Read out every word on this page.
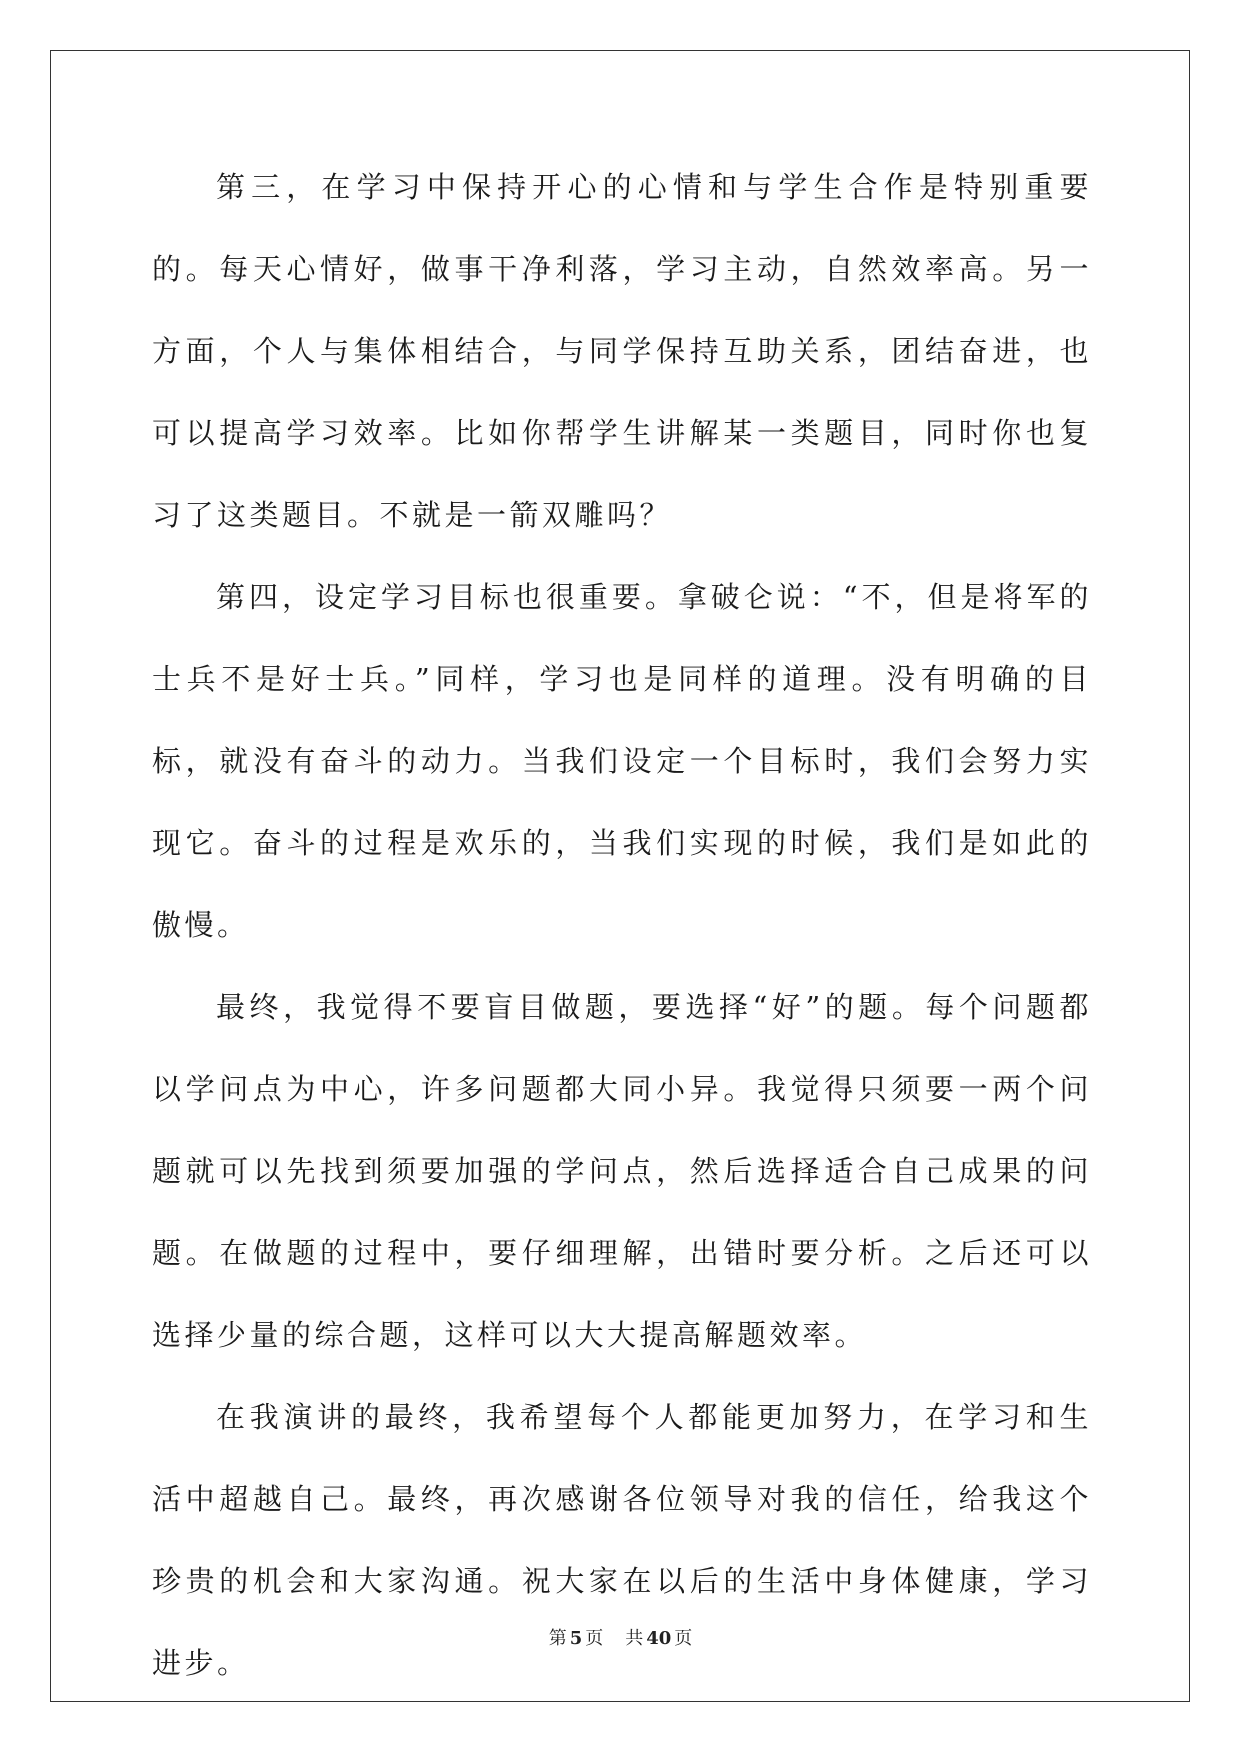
第三，在学习中保持开心的心情和与学生合作是特别重要的。每天心情好，做事干净利落，学习主动，自然效率高。另一方面，个人与集体相结合，与同学保持互助关系，团结奋进，也可以提高学习效率。比如你帮学生讲解某一类题目，同时你也复习了这类题目。不就是一箭双雕吗？

第四，设定学习目标也很重要。拿破仑说：“不，但是将军的士兵不是好士兵。”同样，学习也是同样的道理。没有明确的目标，就没有奋斗的动力。当我们设定一个目标时，我们会努力实现它。奋斗的过程是欢乐的，当我们实现的时候，我们是如此的傲慢。

最终，我觉得不要盲目做题，要选择“好”的题。每个问题都以学问点为中心，许多问题都大同小异。我觉得只须要一两个问题就可以先找到须要加强的学问点，然后选择适合自己成果的问题。在做题的过程中，要仔细理解，出错时要分析。之后还可以选择少量的综合题，这样可以大大提高解题效率。

在我演讲的最终，我希望每个人都能更加努力，在学习和生活中超越自己。最终，再次感谢各位领导对我的信任，给我这个珍贵的机会和大家沟通。祝大家在以后的生活中身体健康，学习进步。

第 5 页 共 40 页
